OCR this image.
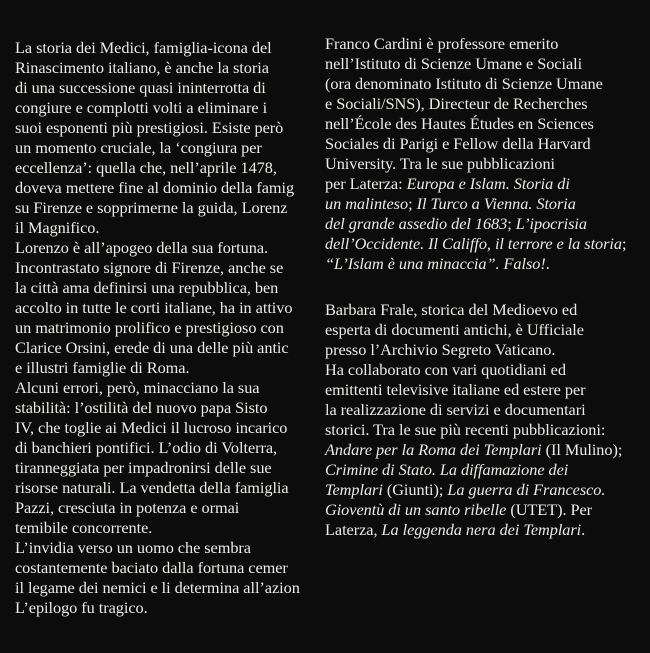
La storia dei Medici, famiglia-icona del
Rinascimento italiano, è anche la storia
di una successione quasi ininterrotta di
congiure e complotti volti a eliminare i
suoi esponenti più prestigiosi. Esiste però
un momento cruciale, la ‘congiura per
eccellenza’: quella che, nell’aprile 1478,
doveva mettere fine al dominio della famig
su Firenze e sopprimerne la guida, Lorenz
il Magnifico.
Lorenzo è all’apogeo della sua fortuna.
Incontrastato signore di Firenze, anche se
la città ama definirsi una repubblica, ben
accolto in tutte le corti italiane, ha in attivo
un matrimonio prolifico e prestigioso con
Clarice Orsini, erede di una delle più antic
e illustri famiglie di Roma.
Alcuni errori, però, minacciano la sua
stabilità: l’ostilità del nuovo papa Sisto
IV, che toglie ai Medici il lucroso incarico
di banchieri pontifici. L’odio di Volterra,
tiranneggiata per impadronirsi delle sue
risorse naturali. La vendetta della famiglia
Pazzi, cresciuta in potenza e ormai
temibile concorrente.
L’invidia verso un uomo che sembra
costantemente baciato dalla fortuna cemer
il legame dei nemici e li determina all’azion
L’epilogo fu tragico.
Franco Cardini è professore emerito
nell’Istituto di Scienze Umane e Sociali
(ora denominato Istituto di Scienze Umane
e Sociali/SNS), Directeur de Recherches
nell’École des Hautes Études en Sciences
Sociales di Parigi e Fellow della Harvard
University. Tra le sue pubblicazioni
per Laterza: Europa e Islam. Storia di
un malinteso; Il Turco a Vienna. Storia
del grande assedio del 1683; L’ipocrisia
dell’Occidente. Il Califfo, il terrore e la storia;
“L’Islam è una minaccia”. Falso!.
Barbara Frale, storica del Medioevo ed
esperta di documenti antichi, è Ufficiale
presso l’Archivio Segreto Vaticano.
Ha collaborato con vari quotidiani ed
emittenti televisive italiane ed estere per
la realizzazione di servizi e documentari
storici. Tra le sue più recenti pubblicazioni:
Andare per la Roma dei Templari (Il Mulino);
Crimine di Stato. La diffamazione dei
Templari (Giunti); La guerra di Francesco.
Gioventù di un santo ribelle (UTET). Per
Laterza, La leggenda nera dei Templari.
